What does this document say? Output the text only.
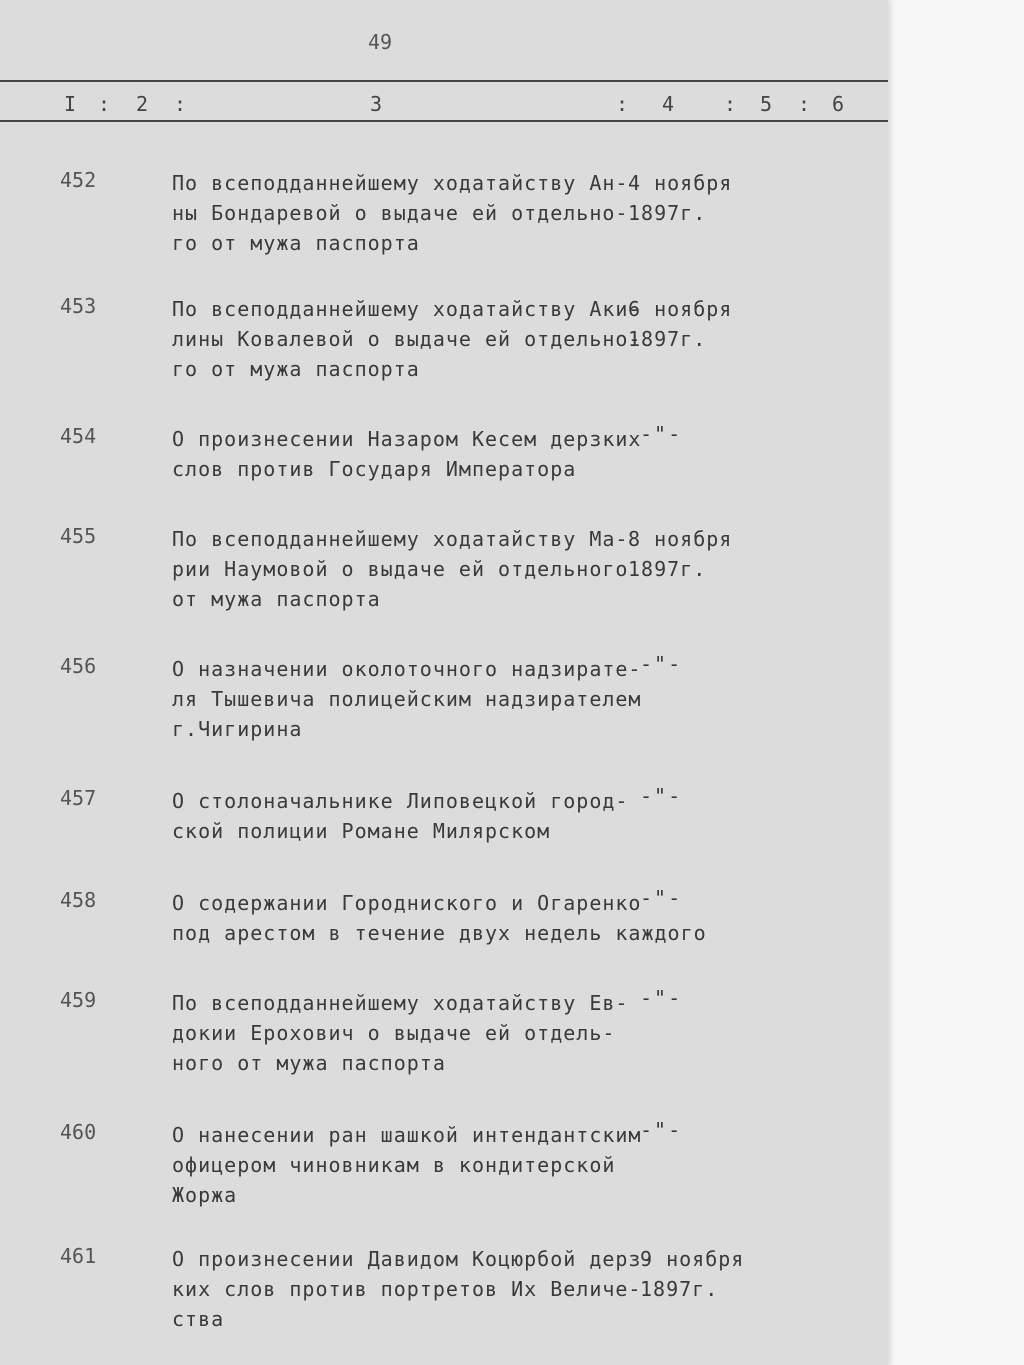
49
I : 2 :	3	: 4 : 5 : 6
452	По всеподданнейшему ходатайству Ан-
ны Бондаревой о выдаче ей отдельно-
го от мужа паспорта
4 ноября
1897г.
453	По всеподданнейшему ходатайству Аки-
лины Ковалевой о выдаче ей отдельно-
го от мужа паспорта
6 ноября
1897г.
454	О произнесении Назаром Кесем дерзких
слов против Государя Императора
-"-
455	По всеподданнейшему ходатайству Ма-
рии Наумовой о выдаче ей отдельного
от мужа паспорта
8 ноября
1897г.
456	О назначении околоточного надзирате-
ля Тышевича полицейским надзирателем
г.Чигирина
-"-
457	О столоначальнике Липовецкой город-
ской полиции Романе Милярском
-"-
458	О содержании Городниского и Огаренко
под арестом в течение двух недель каждого
-"-
459	По всеподданнейшему ходатайству Ев-
докии Ерохович о выдаче ей отдель-
ного от мужа паспорта
-"-
460	О нанесении ран шашкой интендантским
офицером чиновникам в кондитерской
Жоржа
-"-
461	О произнесении Давидом Коцюрбой дерз-
ких слов против портретов Их Величе-
ства
9 ноября
1897г.
